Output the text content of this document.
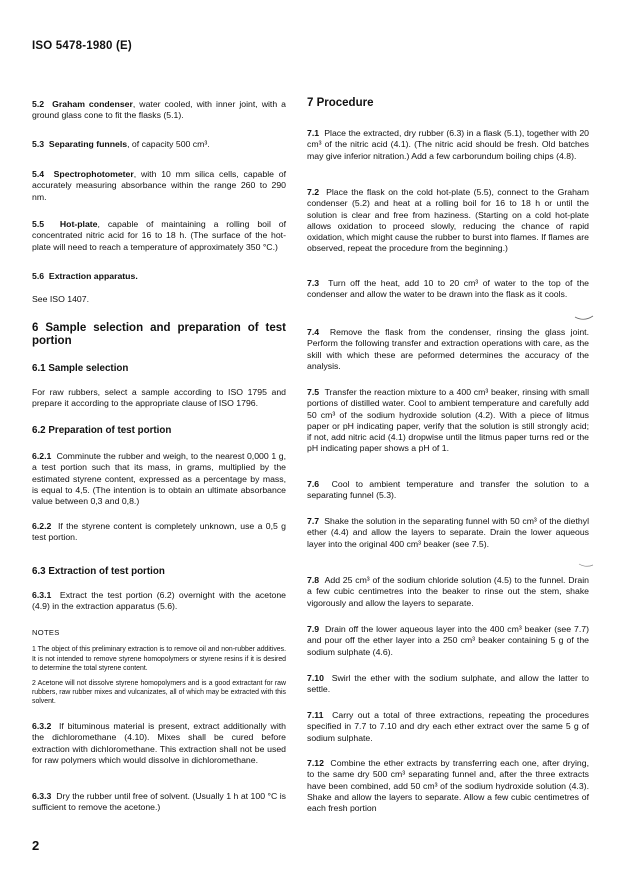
ISO 5478-1980 (E)

5.2 Graham condenser, water cooled, with inner joint, with a ground glass cone to fit the flasks (5.1).

5.3 Separating funnels, of capacity 500 cm³.

5.4 Spectrophotometer, with 10 mm silica cells, capable of accurately measuring absorbance within the range 260 to 290 nm.

5.5 Hot-plate, capable of maintaining a rolling boil of concentrated nitric acid for 16 to 18 h. (The surface of the hot-plate will need to reach a temperature of approximately 350 °C.)

5.6 Extraction apparatus.

See ISO 1407.

6 Sample selection and preparation of test portion

6.1 Sample selection

For raw rubbers, select a sample according to ISO 1795 and prepare it according to the appropriate clause of ISO 1796.

6.2 Preparation of test portion

6.2.1 Comminute the rubber and weigh, to the nearest 0,000 1 g, a test portion such that its mass, in grams, multiplied by the estimated styrene content, expressed as a percentage by mass, is equal to 4,5. (The intention is to obtain an ultimate absorbance value between 0,3 and 0,8.)

6.2.2 If the styrene content is completely unknown, use a 0,5 g test portion.

6.3 Extraction of test portion

6.3.1 Extract the test portion (6.2) overnight with the acetone (4.9) in the extraction apparatus (5.6).

NOTES

1 The object of this preliminary extraction is to remove oil and non-rubber additives. It is not intended to remove styrene homopolymers or styrene resins if it is desired to determine the total styrene content.

2 Acetone will not dissolve styrene homopolymers and is a good extractant for raw rubbers, raw rubber mixes and vulcanizates, all of which may be extracted with this solvent.

6.3.2 If bituminous material is present, extract additionally with the dichloromethane (4.10). Mixes shall be cured before extraction with dichloromethane. This extraction shall not be used for raw polymers which would dissolve in dichloromethane.

6.3.3 Dry the rubber until free of solvent. (Usually 1 h at 100 °C is sufficient to remove the acetone.)

7 Procedure

7.1 Place the extracted, dry rubber (6.3) in a flask (5.1), together with 20 cm³ of the nitric acid (4.1). (The nitric acid should be fresh. Old batches may give inferior nitration.) Add a few carborundum boiling chips (4.8).

7.2 Place the flask on the cold hot-plate (5.5), connect to the Graham condenser (5.2) and heat at a rolling boil for 16 to 18 h or until the solution is clear and free from haziness. (Starting on a cold hot-plate allows oxidation to proceed slowly, reducing the chance of rapid oxidation, which might cause the rubber to burst into flames. If flames are observed, repeat the procedure from the beginning.)

7.3 Turn off the heat, add 10 to 20 cm³ of water to the top of the condenser and allow the water to be drawn into the flask as it cools.

7.4 Remove the flask from the condenser, rinsing the glass joint. Perform the following transfer and extraction operations with care, as the skill with which these are peformed determines the accuracy of the analysis.

7.5 Transfer the reaction mixture to a 400 cm³ beaker, rinsing with small portions of distilled water. Cool to ambient temperature and carefully add 50 cm³ of the sodium hydroxide solution (4.2). With a piece of litmus paper or pH indicating paper, verify that the solution is still strongly acid; if not, add nitric acid (4.1) dropwise until the litmus paper turns red or the pH indicating paper shows a pH of 1.

7.6 Cool to ambient temperature and transfer the solution to a separating funnel (5.3).

7.7 Shake the solution in the separating funnel with 50 cm³ of the diethyl ether (4.4) and allow the layers to separate. Drain the lower aqueous layer into the original 400 cm³ beaker (see 7.5).

7.8 Add 25 cm³ of the sodium chloride solution (4.5) to the funnel. Drain a few cubic centimetres into the beaker to rinse out the stem, shake vigorously and allow the layers to separate.

7.9 Drain off the lower aqueous layer into the 400 cm³ beaker (see 7.7) and pour off the ether layer into a 250 cm³ beaker containing 5 g of the sodium sulphate (4.6).

7.10 Swirl the ether with the sodium sulphate, and allow the latter to settle.

7.11 Carry out a total of three extractions, repeating the procedures specified in 7.7 to 7.10 and dry each ether extract over the same 5 g of sodium sulphate.

7.12 Combine the ether extracts by transferring each one, after drying, to the same dry 500 cm³ separating funnel and, after the three extracts have been combined, add 50 cm³ of the sodium hydroxide solution (4.3). Shake and allow the layers to separate. Allow a few cubic centimetres of each fresh portion

2
